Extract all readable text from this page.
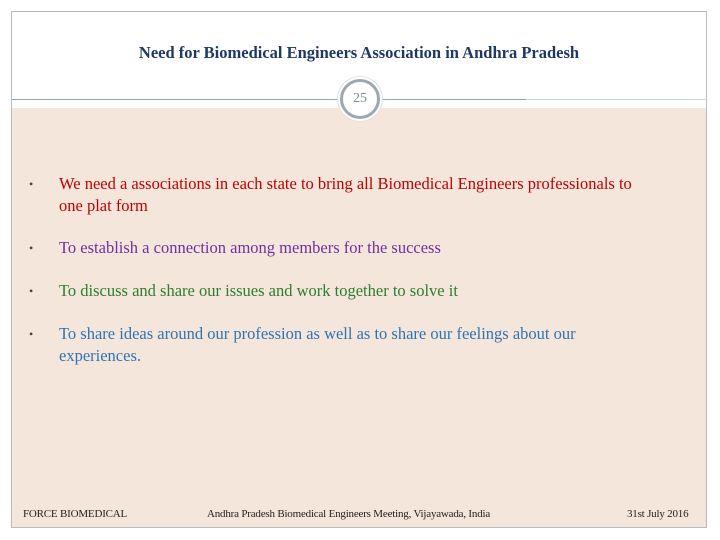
Need for Biomedical Engineers Association in Andhra Pradesh
25
• We need a associations in each state to bring all Biomedical Engineers professionals to one plat form
• To establish a connection among members for the success
• To discuss and share our issues and work together to solve it
• To share ideas around our profession as well as to share our feelings about our experiences.
FORCE BIOMEDICAL	Andhra Pradesh Biomedical Engineers Meeting, Vijayawada, India	31st July 2016
